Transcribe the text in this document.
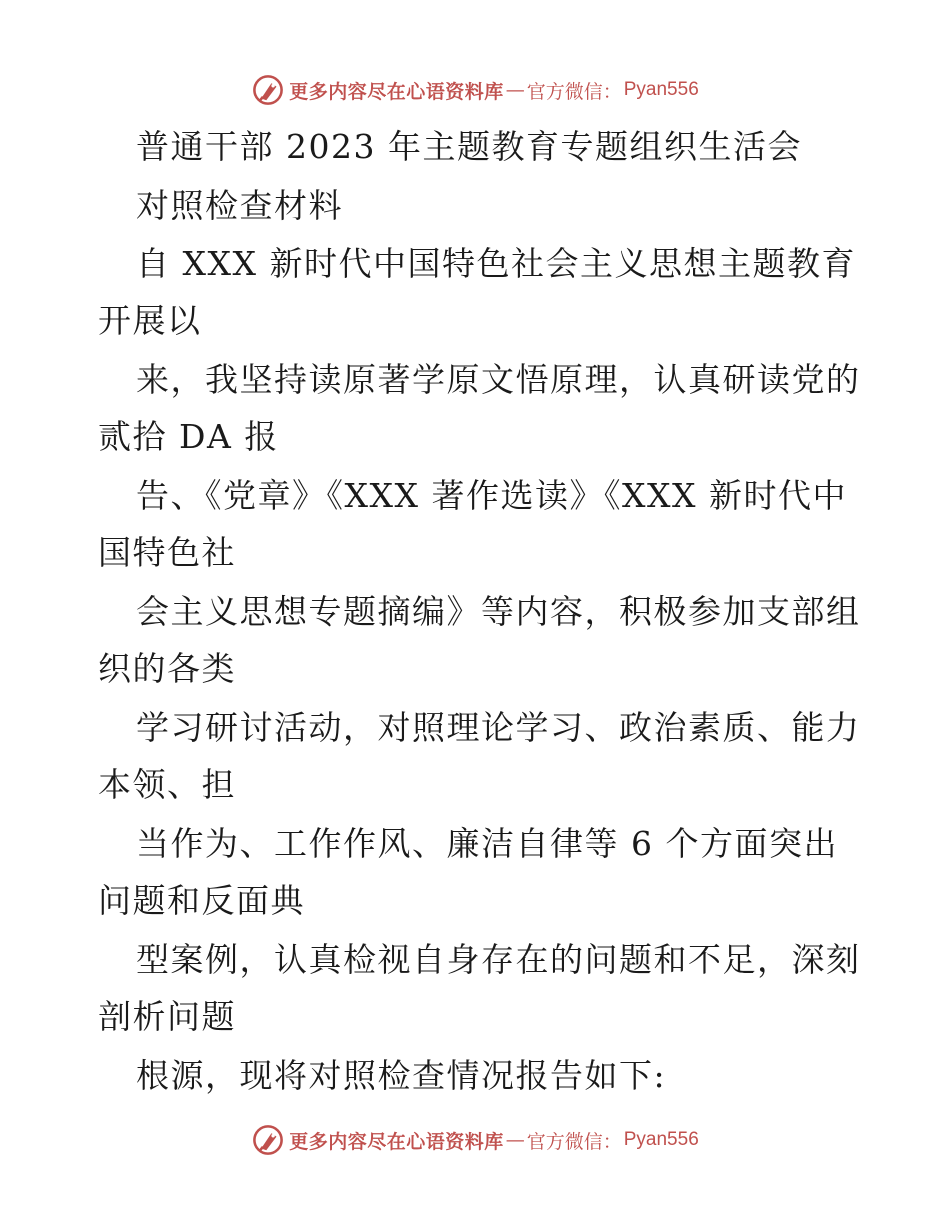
更多内容尽在心语资料库 — 官方微信： Pyan556
普通干部 2023 年主题教育专题组织生活会
对照检查材料
自 XXX 新时代中国特色社会主义思想主题教育
开展以
来，我坚持读原著学原文悟原理，认真研读党的
贰拾 DA 报
告、《党章》《XXX 著作选读》《XXX 新时代中
国特色社
会主义思想专题摘编》等内容，积极参加支部组
织的各类
学习研讨活动，对照理论学习、政治素质、能力
本领、担
当作为、工作作风、廉洁自律等 6 个方面突出
问题和反面典
型案例，认真检视自身存在的问题和不足，深刻
剖析问题
根源，现将对照检查情况报告如下:
更多内容尽在心语资料库 — 官方微信： Pyan556
